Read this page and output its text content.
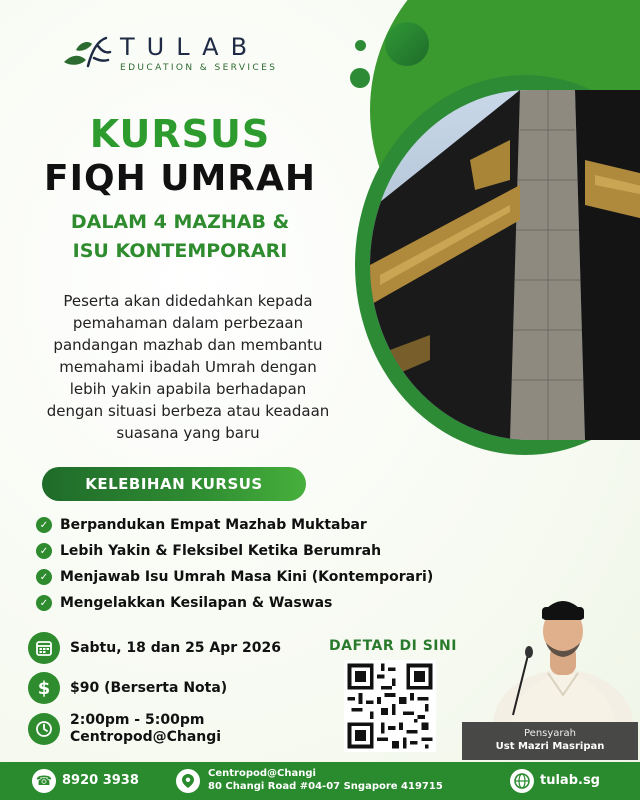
TULAB
EDUCATION & SERVICES
KURSUS
FIQH UMRAH
DALAM 4 MAZHAB &
ISU KONTEMPORARI
Peserta akan didedahkan kepada
pemahaman dalam perbezaan
pandangan mazhab dan membantu
memahami ibadah Umrah dengan
lebih yakin apabila berhadapan
dengan situasi berbeza atau keadaan
suasana yang baru
KELEBIHAN KURSUS
✓ Berpandukan Empat Mazhab Muktabar
✓ Lebih Yakin & Fleksibel Ketika Berumrah
✓ Menjawab Isu Umrah Masa Kini (Kontemporari)
✓ Mengelakkan Kesilapan & Waswas
Sabtu, 18 dan 25 Apr 2026
$	$90 (Berserta Nota)
2:00pm - 5:00pm
Centropod@Changi
DAFTAR DI SINI
Pensyarah
Ust Mazri Masripan
☎ 8920 3938	Centropod@Changi
80 Changi Road #04-07 Sngapore 419715	tulab.sg
